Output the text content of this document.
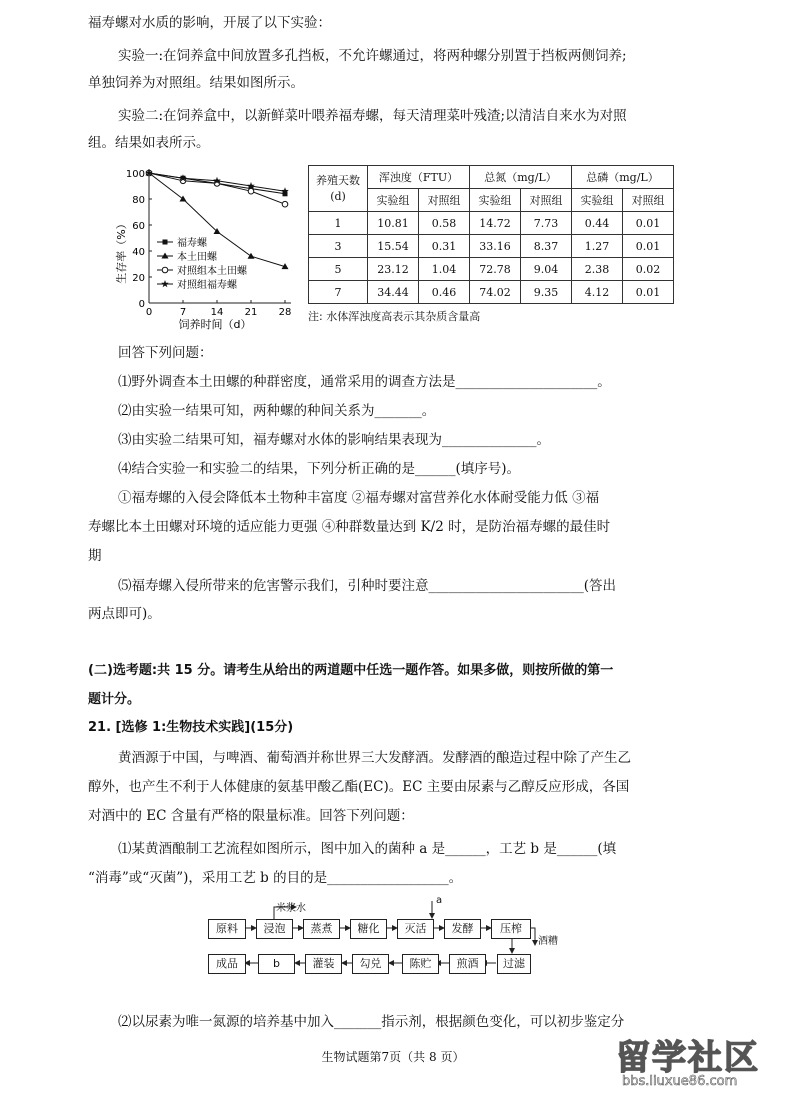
福寿螺对水质的影响，开展了以下实验：
实验一:在饲养盒中间放置多孔挡板，不允许螺通过，将两种螺分别置于挡板两侧饲养;
单独饲养为对照组。结果如图所示。
实验二:在饲养盒中，以新鲜菜叶喂养福寿螺，每天清理菜叶残渣;以清洁自来水为对照
组。结果如表所示。
0
20
40
60
80
100
0	7 14 21 28
福寿螺
本土田螺
对照组本土田螺
对照组福寿螺
生存率（%）
饲养时间（d）
养殖天数
(d)	浑浊度（FTU）		总氮（mg/L）		总磷（mg/L）	
	实验组	对照组	实验组	对照组	实验组	对照组
1	10.81	0.58	14.72	7.73	0.44	0.01
3	15.54	0.31	33.16	8.37	1.27	0.01
5	23.12	1.04	72.78	9.04	2.38	0.02
7	34.44	0.46	74.02	9.35	4.12	0.01
注: 水体浑浊度高表示其杂质含量高
回答下列问题：
⑴野外调查本土田螺的种群密度，通常采用的调查方法是_____________________。
⑵由实验一结果可知，两种螺的种间关系为_______。
⑶由实验二结果可知，福寿螺对水体的影响结果表现为______________。
⑷结合实验一和实验二的结果，下列分析正确的是______(填序号)。
①福寿螺的入侵会降低本土物种丰富度 ②福寿螺对富营养化水体耐受能力低 ③福
寿螺比本土田螺对环境的适应能力更强 ④种群数量达到 K/2 时，是防治福寿螺的最佳时
期
⑸福寿螺入侵所带来的危害警示我们，引种时要注意_______________________(答出
两点即可)。
(二)选考题:共 15 分。请考生从给出的两道题中任选一题作答。如果多做，则按所做的第一
题计分。
21. [选修 1:生物技术实践](15分)
黄酒源于中国，与啤酒、葡萄酒并称世界三大发酵酒。发酵酒的酿造过程中除了产生乙
醇外，也产生不利于人体健康的氨基甲酸乙酯(EC)。EC 主要由尿素与乙醇反应形成，各国
对酒中的 EC 含量有严格的限量标准。回答下列问题：
⑴某黄酒酿制工艺流程如图所示，图中加入的菌种 a 是______，工艺 b 是______(填
“消毒”或“灭菌”)，采用工艺 b 的目的是__________________。
原料	浸泡	蒸煮	糖化	灭活	发酵	压榨
成品	b	灌装	勾兑	陈贮	煎酒	过滤
米浆水
a
酒糟
⑵以尿素为唯一氮源的培养基中加入_______指示剂，根据颜色变化，可以初步鉴定分
生物试题第7页（共 8 页）	留学社区
bbs.liuxue86.com
